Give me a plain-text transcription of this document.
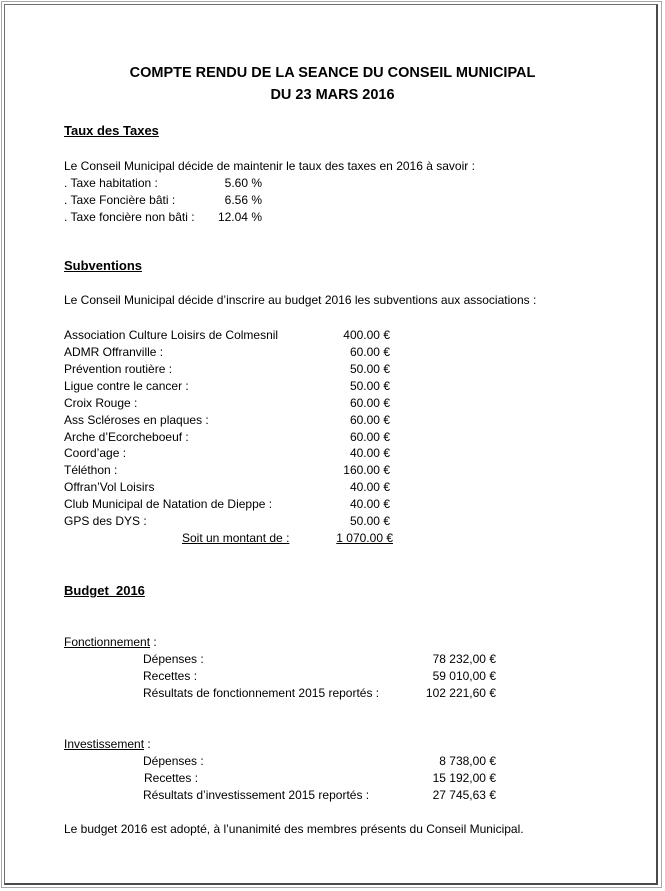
COMPTE RENDU DE LA SEANCE DU CONSEIL MUNICIPAL
DU 23 MARS 2016
Taux des Taxes
Le Conseil Municipal décide de maintenir le taux des taxes en 2016 à savoir :
. Taxe habitation :	5.60 %
. Taxe Foncière bâti :	6.56 %
. Taxe foncière non bâti :	12.04 %
Subventions
Le Conseil Municipal décide d’inscrire au budget 2016 les subventions aux associations :
Association Culture Loisirs de Colmesnil	400.00 €
ADMR Offranville :	60.00 €
Prévention routière :	50.00 €
Ligue contre le cancer :	50.00 €
Croix Rouge :	60.00 €
Ass Scléroses en plaques :	60.00 €
Arche d’Ecorcheboeuf :	60.00 €
Coord’age :	40.00 €
Téléthon :	160.00 €
Offran’Vol Loisirs	40.00 €
Club Municipal de Natation de Dieppe :	40.00 €
GPS des DYS :	50.00 €
Soit un montant de :	1 070.00 €
Budget  2016
Fonctionnement :
Dépenses :	78 232,00 €
Recettes :	59 010,00 €
Résultats de fonctionnement 2015 reportés :	102 221,60 €
Investissement :
Dépenses :	8 738,00 €
Recettes :	15 192,00 €
Résultats d’investissement 2015 reportés :	27 745,63 €
Le budget 2016 est adopté, à l’unanimité des membres présents du Conseil Municipal.
